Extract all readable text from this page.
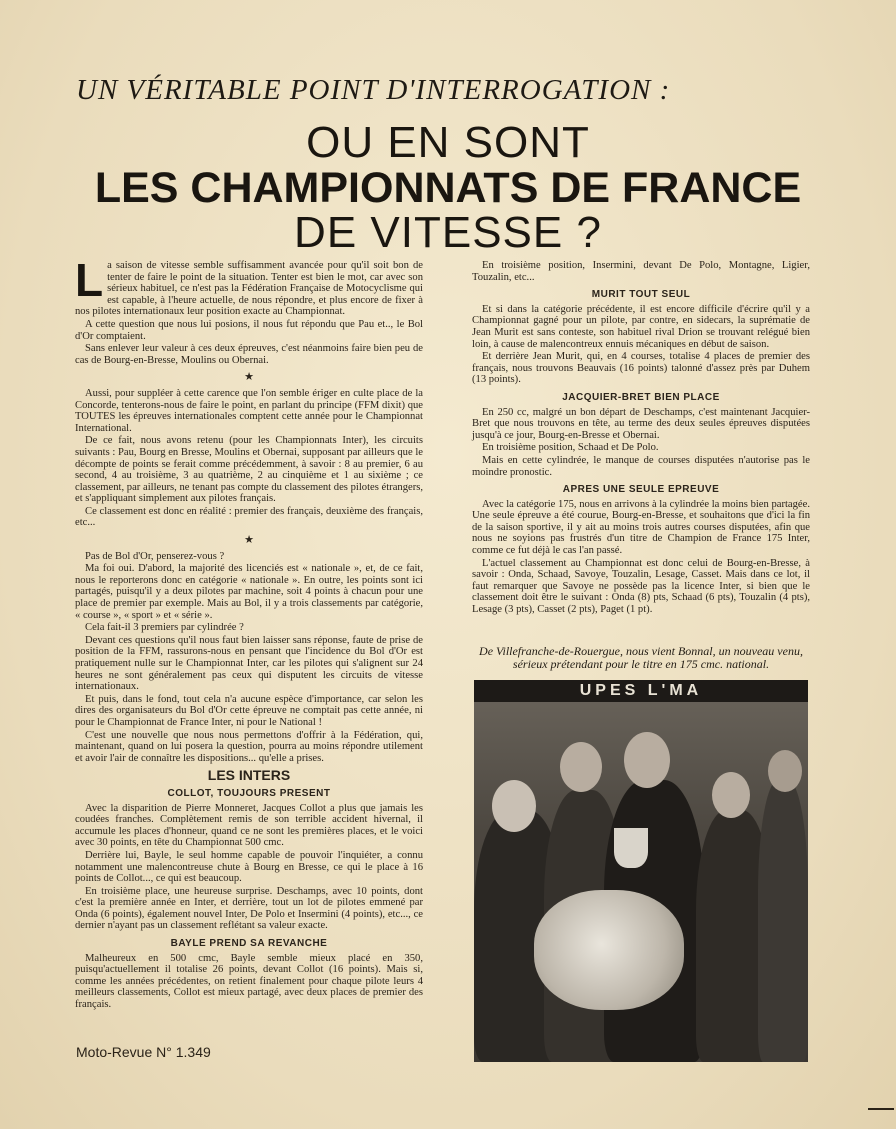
UN VÉRITABLE POINT D'INTERROGATION :
OU EN SONT
LES CHAMPIONNATS DE FRANCE
DE VITESSE ?

La saison de vitesse semble suffisamment avancée pour qu'il soit bon de tenter de faire le point de la situation. Tenter est bien le mot, car avec son sérieux habituel, ce n'est pas la Fédération Française de Motocyclisme qui est capable, à l'heure actuelle, de nous répondre, et plus encore de fixer à nos pilotes internationaux leur position exacte au Championnat.

A cette question que nous lui posions, il nous fut répondu que Pau et.., le Bol d'Or comptaient.

Sans enlever leur valeur à ces deux épreuves, c'est néanmoins faire bien peu de cas de Bourg-en-Bresse, Moulins ou Obernai.

★

Aussi, pour suppléer à cette carence que l'on semble ériger en culte place de la Concorde, tenterons-nous de faire le point, en parlant du principe (FFM dixit) que TOUTES les épreuves internationales comptent cette année pour le Championnat International.

De ce fait, nous avons retenu (pour les Championnats Inter), les circuits suivants : Pau, Bourg en Bresse, Moulins et Obernai, supposant par ailleurs que le décompte de points se ferait comme précédemment, à savoir : 8 au premier, 6 au second, 4 au troisième, 3 au quatrième, 2 au cinquième et 1 au sixième ; ce classement, par ailleurs, ne tenant pas compte du classement des pilotes étrangers, et s'appliquant simplement aux pilotes français.

Ce classement est donc en réalité : premier des français, deuxième des français, etc...

★

Pas de Bol d'Or, penserez-vous ?

Ma foi oui. D'abord, la majorité des licenciés est « nationale », et, de ce fait, nous le reporterons donc en catégorie « nationale ». En outre, les points sont ici partagés, puisqu'il y a deux pilotes par machine, soit 4 points à chacun pour une place de premier par exemple. Mais au Bol, il y a trois classements par catégorie, « course », « sport » et « série ».

Cela fait-il 3 premiers par cylindrée ?

Devant ces questions qu'il nous faut bien laisser sans réponse, faute de prise de position de la FFM, rassurons-nous en pensant que l'incidence du Bol d'Or est pratiquement nulle sur le Championnat Inter, car les pilotes qui s'alignent sur 24 heures ne sont généralement pas ceux qui disputent les circuits de vitesse internationaux.

Et puis, dans le fond, tout cela n'a aucune espèce d'importance, car selon les dires des organisateurs du Bol d'Or cette épreuve ne comptait pas cette année, ni pour le Championnat de France Inter, ni pour le National !

C'est une nouvelle que nous nous permettons d'offrir à la Fédération, qui, maintenant, quand on lui posera la question, pourra au moins répondre utilement et avoir l'air de connaître les dispositions... qu'elle a prises.

LES INTERS
COLLOT, TOUJOURS PRESENT

Avec la disparition de Pierre Monneret, Jacques Collot a plus que jamais les coudées franches. Complètement remis de son terrible accident hivernal, il accumule les places d'honneur, quand ce ne sont les premières places, et le voici avec 30 points, en tête du Championnat 500 cmc.

Derrière lui, Bayle, le seul homme capable de pouvoir l'inquiéter, a connu notamment une malencontreuse chute à Bourg en Bresse, ce qui le place à 16 points de Collot..., ce qui est beaucoup.

En troisième place, une heureuse surprise. Deschamps, avec 10 points, dont c'est la première année en Inter, et derrière, tout un lot de pilotes emmené par Onda (6 points), également nouvel Inter, De Polo et Insermini (4 points), etc..., ce dernier n'ayant pas un classement reflétant sa valeur exacte.

BAYLE PREND SA REVANCHE

Malheureux en 500 cmc, Bayle semble mieux placé en 350, puisqu'actuellement il totalise 26 points, devant Collot (16 points). Mais si, comme les années précédentes, on retient finalement pour chaque pilote leurs 4 meilleurs classements, Collot est mieux partagé, avec deux places de premier des français.

En troisième position, Insermini, devant De Polo, Montagne, Ligier, Touzalin, etc...

MURIT TOUT SEUL

Et si dans la catégorie précédente, il est encore difficile d'écrire qu'il y a Championnat gagné pour un pilote, par contre, en sidecars, la suprématie de Jean Murit est sans conteste, son habituel rival Drion se trouvant relégué bien loin, à cause de malencontreux ennuis mécaniques en début de saison.

Et derrière Jean Murit, qui, en 4 courses, totalise 4 places de premier des français, nous trouvons Beauvais (16 points) talonné d'assez près par Duhem (13 points).

JACQUIER-BRET BIEN PLACE

En 250 cc, malgré un bon départ de Deschamps, c'est maintenant Jacquier-Bret que nous trouvons en tête, au terme des deux seules épreuves disputées jusqu'à ce jour, Bourg-en-Bresse et Obernai.

En troisième position, Schaad et De Polo.

Mais en cette cylindrée, le manque de courses disputées n'autorise pas le moindre pronostic.

APRES UNE SEULE EPREUVE

Avec la catégorie 175, nous en arrivons à la cylindrée la moins bien partagée. Une seule épreuve a été courue, Bourg-en-Bresse, et souhaitons que d'ici la fin de la saison sportive, il y ait au moins trois autres courses disputées, afin que nous ne soyions pas frustrés d'un titre de Champion de France 175 Inter, comme ce fut déjà le cas l'an passé.

L'actuel classement au Championnat est donc celui de Bourg-en-Bresse, à savoir : Onda, Schaad, Savoye, Touzalin, Lesage, Casset. Mais dans ce lot, il faut remarquer que Savoye ne possède pas la licence Inter, si bien que le classement doit être le suivant : Onda (8) pts, Schaad (6 pts), Touzalin (4 pts), Lesage (3 pts), Casset (2 pts), Paget (1 pt).

De Villefranche-de-Rouergue, nous vient Bonnal, un nouveau venu, sérieux prétendant pour le titre en 175 cmc. national.
UPES L'MA
Moto-Revue N° 1.349
